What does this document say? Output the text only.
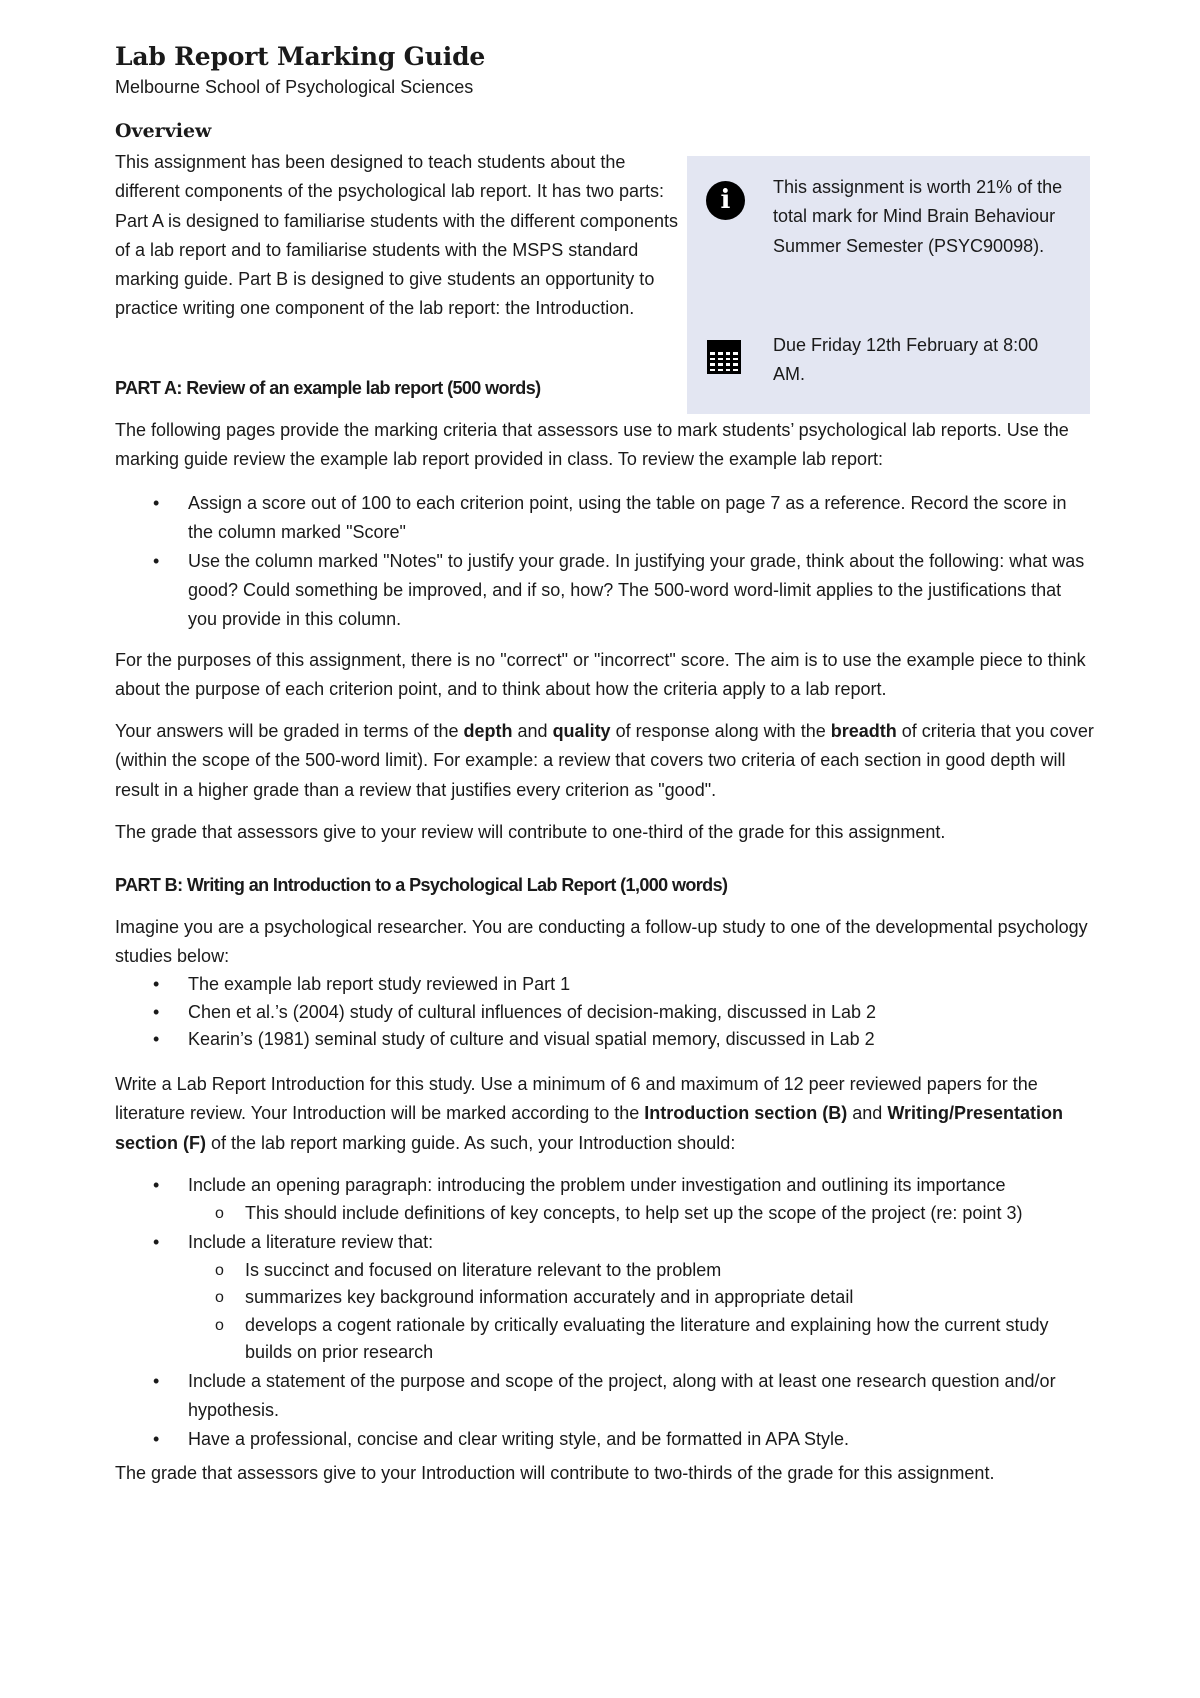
Lab Report Marking Guide
Melbourne School of Psychological Sciences
Overview

This assignment has been designed to teach students about the different components of the psychological lab report. It has two parts: Part A is designed to familiarise students with the different components of a lab report and to familiarise students with the MSPS standard marking guide. Part B is designed to give students an opportunity to practice writing one component of the lab report: the Introduction.

i	This assignment is worth 21% of the total mark for Mind Brain Behaviour Summer Semester (PSYC90098).

Due Friday 12th February at 8:00 AM.

PART A: Review of an example lab report (500 words)

The following pages provide the marking criteria that assessors use to mark students’ psychological lab reports. Use the marking guide review the example lab report provided in class. To review the example lab report:

• Assign a score out of 100 to each criterion point, using the table on page 7 as a reference. Record the score in the column marked "Score"
• Use the column marked "Notes" to justify your grade. In justifying your grade, think about the following: what was good? Could something be improved, and if so, how? The 500-word word-limit applies to the justifications that you provide in this column.

For the purposes of this assignment, there is no "correct" or "incorrect" score. The aim is to use the example piece to think about the purpose of each criterion point, and to think about how the criteria apply to a lab report.

Your answers will be graded in terms of the depth and quality of response along with the breadth of criteria that you cover (within the scope of the 500-word limit). For example: a review that covers two criteria of each section in good depth will result in a higher grade than a review that justifies every criterion as "good".

The grade that assessors give to your review will contribute to one-third of the grade for this assignment.

PART B: Writing an Introduction to a Psychological Lab Report (1,000 words)

Imagine you are a psychological researcher. You are conducting a follow-up study to one of the developmental psychology studies below:

• The example lab report study reviewed in Part 1
• Chen et al.’s (2004) study of cultural influences of decision-making, discussed in Lab 2
• Kearin’s (1981) seminal study of culture and visual spatial memory, discussed in Lab 2

Write a Lab Report Introduction for this study. Use a minimum of 6 and maximum of 12 peer reviewed papers for the literature review. Your Introduction will be marked according to the Introduction section (B) and Writing/Presentation section (F) of the lab report marking guide. As such, your Introduction should:

• Include an opening paragraph: introducing the problem under investigation and outlining its importance
o This should include definitions of key concepts, to help set up the scope of the project (re: point 3)
• Include a literature review that:
o Is succinct and focused on literature relevant to the problem
o summarizes key background information accurately and in appropriate detail
o develops a cogent rationale by critically evaluating the literature and explaining how the current study builds on prior research
• Include a statement of the purpose and scope of the project, along with at least one research question and/or hypothesis.
• Have a professional, concise and clear writing style, and be formatted in APA Style.

The grade that assessors give to your Introduction will contribute to two-thirds of the grade for this assignment.
